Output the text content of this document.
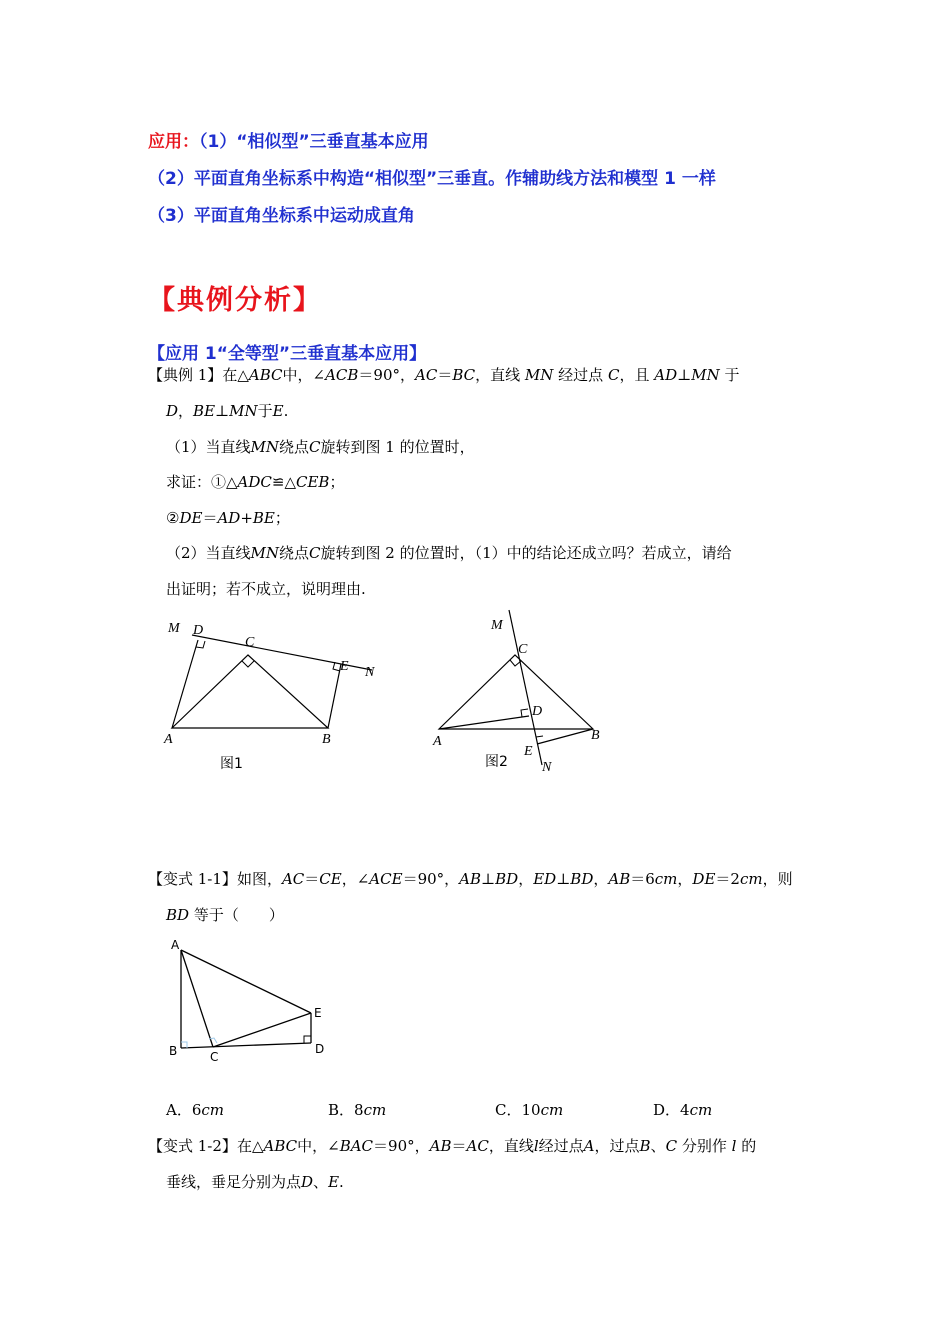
应用：（1）“相似型”三垂直基本应用
（2）平面直角坐标系中构造“相似型”三垂直。作辅助线方法和模型 1 一样
（3）平面直角坐标系中运动成直角
【典例分析】
【应用 1“全等型”三垂直基本应用】
【典例 1】在△ABC中，∠ACB＝90°，AC＝BC，直线 MN 经过点 C，且 AD⊥MN 于
D，BE⊥MN于E.
（1）当直线MN绕点C旋转到图 1 的位置时，
求证：①△ADC≌△CEB；
②DE＝AD+BE；
（2）当直线MN绕点C旋转到图 2 的位置时，（1）中的结论还成立吗？若成立，请给
出证明；若不成立，说明理由.
M D
C
E N
A	B
图1
M
C
D
A	B
E
N
图2
【变式 1-1】如图，AC＝CE，∠ACE＝90°，AB⊥BD，ED⊥BD，AB＝6cm，DE＝2cm，则
BD 等于（　　）
A
B	C
D
E
A．6cm	B．8cm	C．10cm	D．4cm
【变式 1-2】在△ABC中，∠BAC＝90°，AB＝AC，直线l经过点A，过点B、C 分别作 l 的
垂线，垂足分别为点D、E.
